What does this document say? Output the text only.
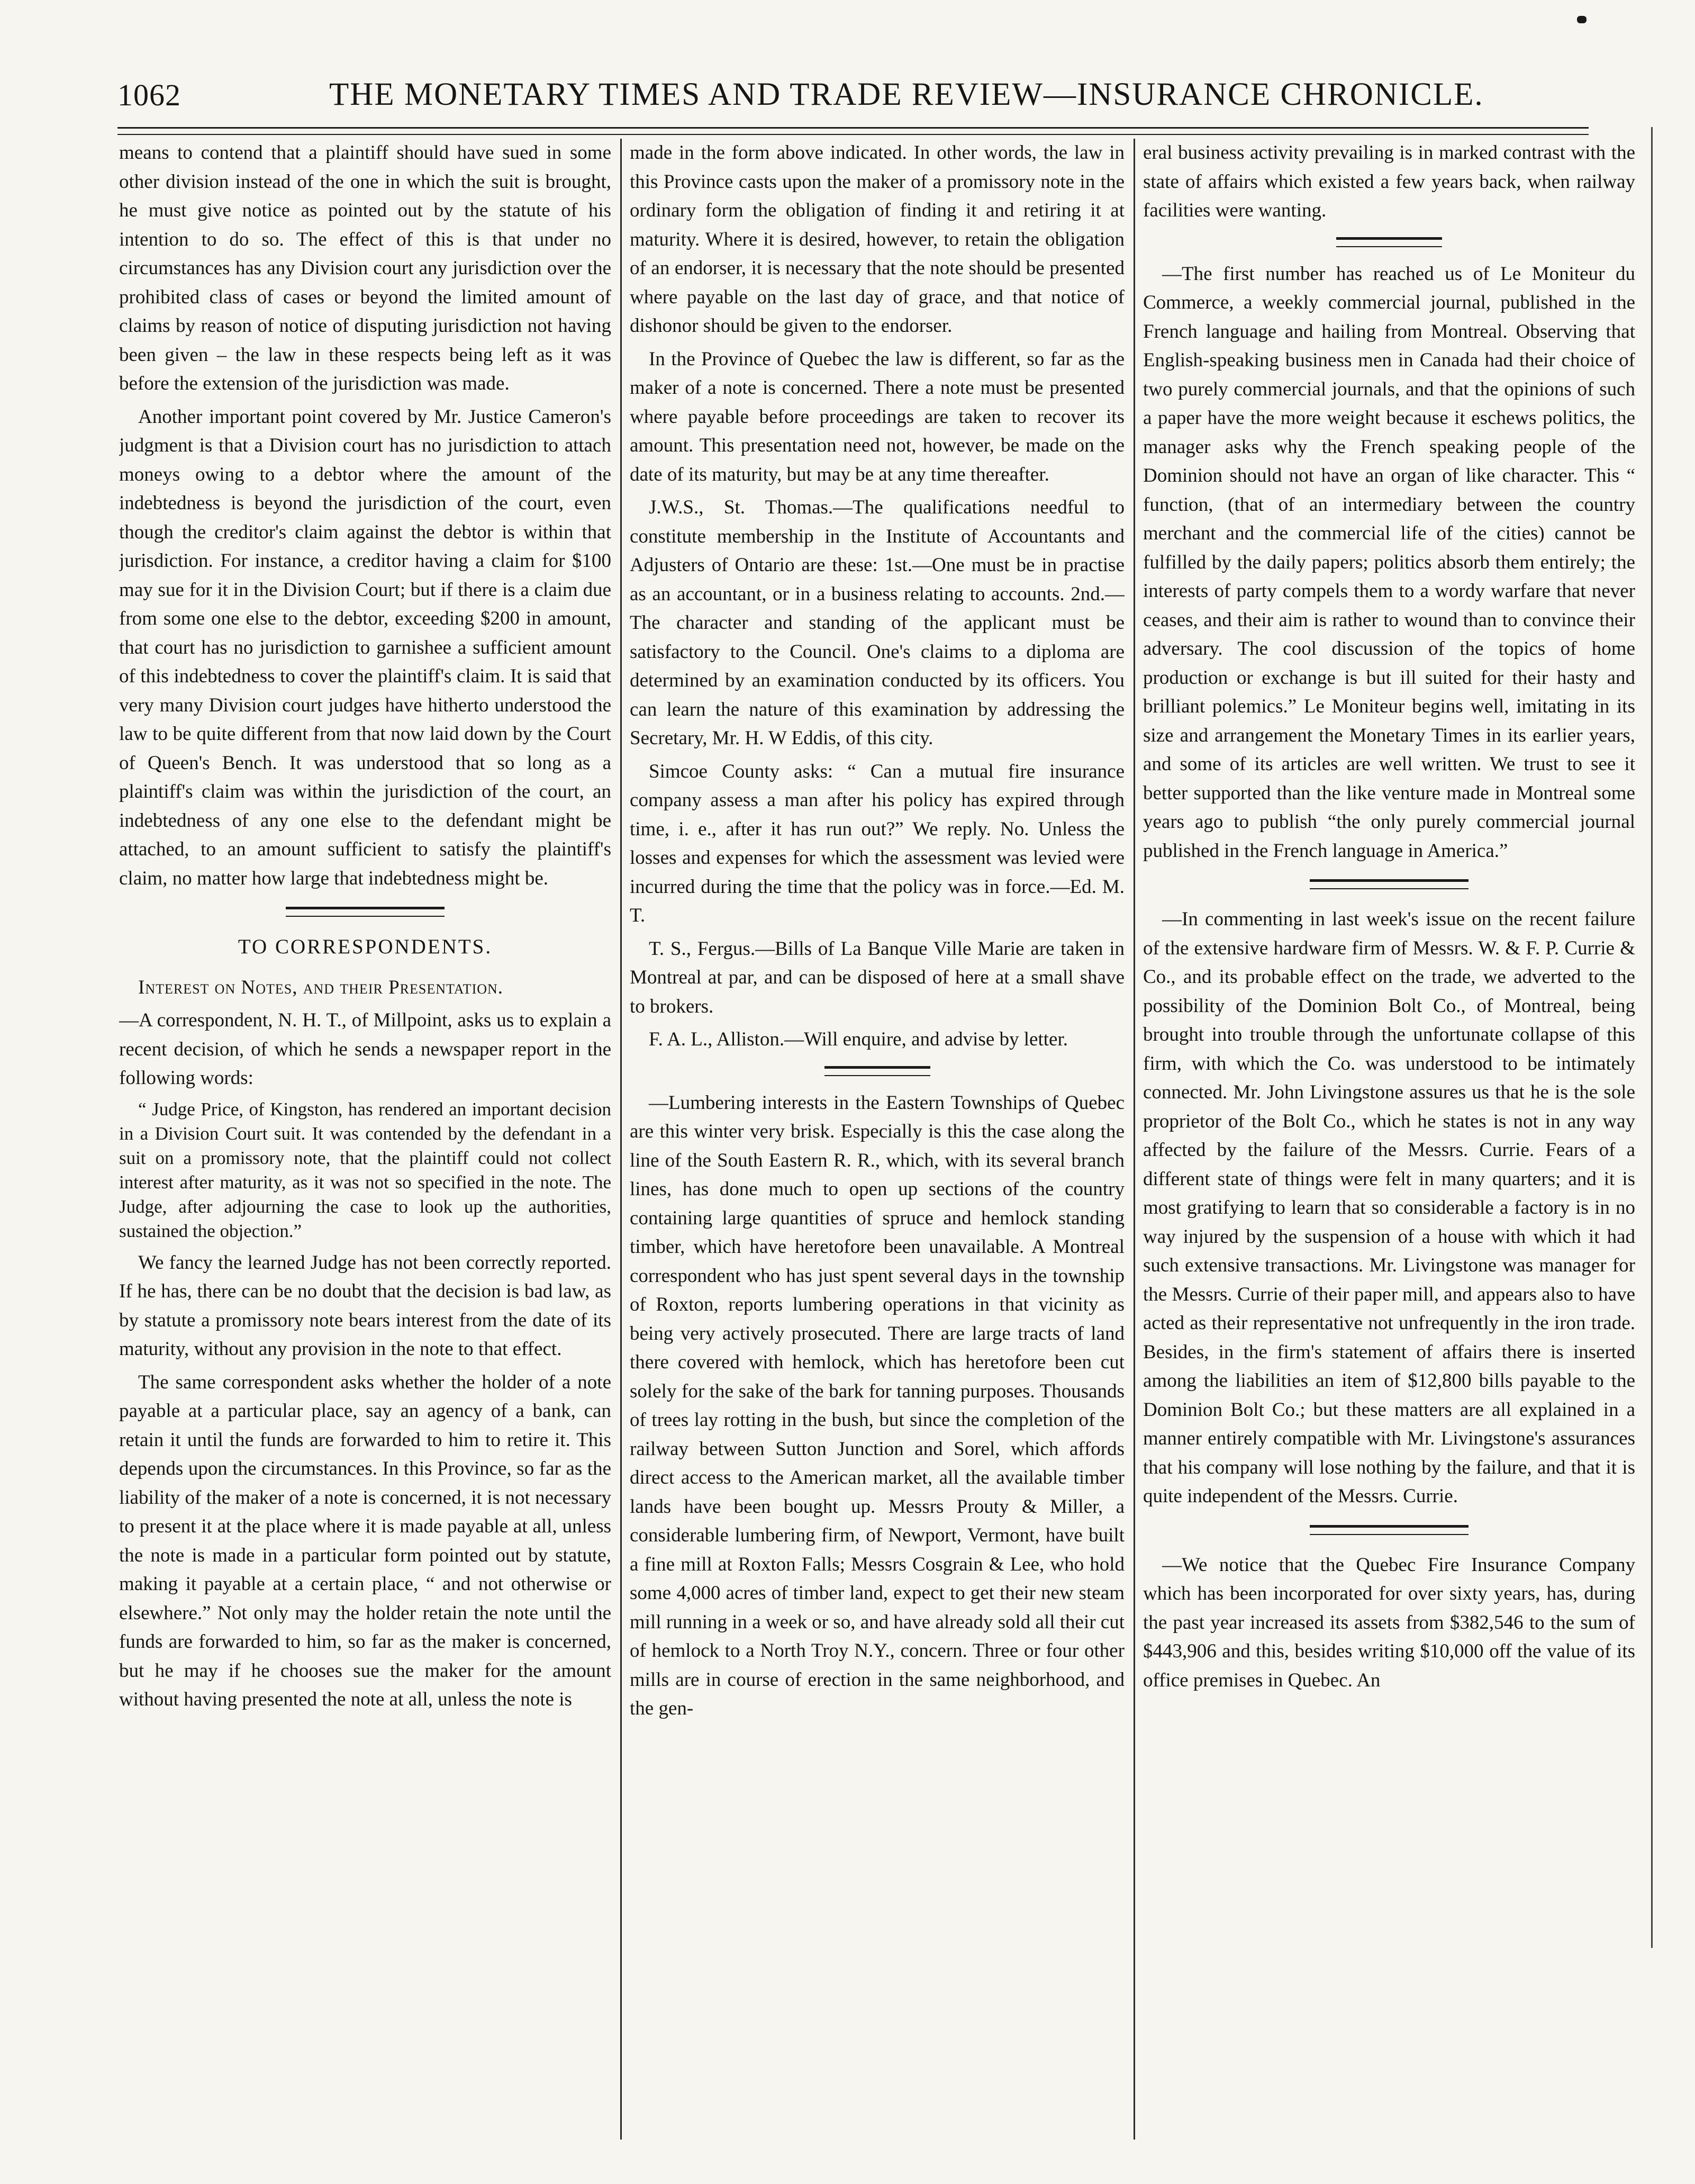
1062	THE MONETARY TIMES AND TRADE REVIEW—INSURANCE CHRONICLE.

means to contend that a plaintiff should have sued in some other division instead of the one in which the suit is brought, he must give notice as pointed out by the statute of his intention to do so. The effect of this is that under no circumstances has any Division court any jurisdiction over the prohibited class of cases or beyond the limited amount of claims by reason of notice of disputing jurisdiction not having been given – the law in these respects being left as it was before the extension of the jurisdiction was made.

Another important point covered by Mr. Justice Cameron's judgment is that a Division court has no jurisdiction to attach moneys owing to a debtor where the amount of the indebtedness is beyond the jurisdiction of the court, even though the creditor's claim against the debtor is within that jurisdiction. For instance, a creditor having a claim for $100 may sue for it in the Division Court; but if there is a claim due from some one else to the debtor, exceeding $200 in amount, that court has no jurisdiction to garnishee a sufficient amount of this indebtedness to cover the plaintiff's claim. It is said that very many Division court judges have hitherto understood the law to be quite different from that now laid down by the Court of Queen's Bench. It was understood that so long as a plaintiff's claim was within the jurisdiction of the court, an indebtedness of any one else to the defendant might be attached, to an amount sufficient to satisfy the plaintiff's claim, no matter how large that indebtedness might be.

TO CORRESPONDENTS.

Interest on Notes, and their Presentation.

—A correspondent, N. H. T., of Millpoint, asks us to explain a recent decision, of which he sends a newspaper report in the following words:

“ Judge Price, of Kingston, has rendered an important decision in a Division Court suit. It was contended by the defendant in a suit on a promissory note, that the plaintiff could not collect interest after maturity, as it was not so specified in the note. The Judge, after adjourning the case to look up the authorities, sustained the objection.”

We fancy the learned Judge has not been correctly reported. If he has, there can be no doubt that the decision is bad law, as by statute a promissory note bears interest from the date of its maturity, without any provision in the note to that effect.

The same correspondent asks whether the holder of a note payable at a particular place, say an agency of a bank, can retain it until the funds are forwarded to him to retire it. This depends upon the circumstances. In this Province, so far as the liability of the maker of a note is concerned, it is not necessary to present it at the place where it is made payable at all, unless the note is made in a particular form pointed out by statute, making it payable at a certain place, “ and not otherwise or elsewhere.” Not only may the holder retain the note until the funds are forwarded to him, so far as the maker is concerned, but he may if he chooses sue the maker for the amount without having presented the note at all, unless the note is

made in the form above indicated. In other words, the law in this Province casts upon the maker of a promissory note in the ordinary form the obligation of finding it and retiring it at maturity. Where it is desired, however, to retain the obligation of an endorser, it is necessary that the note should be presented where payable on the last day of grace, and that notice of dishonor should be given to the endorser.

In the Province of Quebec the law is different, so far as the maker of a note is concerned. There a note must be presented where payable before proceedings are taken to recover its amount. This presentation need not, however, be made on the date of its maturity, but may be at any time thereafter.

J.W.S., St. Thomas.—The qualifications needful to constitute membership in the Institute of Accountants and Adjusters of Ontario are these: 1st.—One must be in practise as an accountant, or in a business relating to accounts. 2nd.—The character and standing of the applicant must be satisfactory to the Council. One's claims to a diploma are determined by an examination conducted by its officers. You can learn the nature of this examination by addressing the Secretary, Mr. H. W Eddis, of this city.

Simcoe County asks: “ Can a mutual fire insurance company assess a man after his policy has expired through time, i. e., after it has run out?” We reply. No. Unless the losses and expenses for which the assessment was levied were incurred during the time that the policy was in force.—Ed. M. T.

T. S., Fergus.—Bills of La Banque Ville Marie are taken in Montreal at par, and can be disposed of here at a small shave to brokers.

F. A. L., Alliston.—Will enquire, and advise by letter.

—Lumbering interests in the Eastern Townships of Quebec are this winter very brisk. Especially is this the case along the line of the South Eastern R. R., which, with its several branch lines, has done much to open up sections of the country containing large quantities of spruce and hemlock standing timber, which have heretofore been unavailable. A Montreal correspondent who has just spent several days in the township of Roxton, reports lumbering operations in that vicinity as being very actively prosecuted. There are large tracts of land there covered with hemlock, which has heretofore been cut solely for the sake of the bark for tanning purposes. Thousands of trees lay rotting in the bush, but since the completion of the railway between Sutton Junction and Sorel, which affords direct access to the American market, all the available timber lands have been bought up. Messrs Prouty & Miller, a considerable lumbering firm, of Newport, Vermont, have built a fine mill at Roxton Falls; Messrs Cosgrain & Lee, who hold some 4,000 acres of timber land, expect to get their new steam mill running in a week or so, and have already sold all their cut of hemlock to a North Troy N.Y., concern. Three or four other mills are in course of erection in the same neighborhood, and the gen-

eral business activity prevailing is in marked contrast with the state of affairs which existed a few years back, when railway facilities were wanting.

—The first number has reached us of Le Moniteur du Commerce, a weekly commercial journal, published in the French language and hailing from Montreal. Observing that English-speaking business men in Canada had their choice of two purely commercial journals, and that the opinions of such a paper have the more weight because it eschews politics, the manager asks why the French speaking people of the Dominion should not have an organ of like character. This “ function, (that of an intermediary between the country merchant and the commercial life of the cities) cannot be fulfilled by the daily papers; politics absorb them entirely; the interests of party compels them to a wordy warfare that never ceases, and their aim is rather to wound than to convince their adversary. The cool discussion of the topics of home production or exchange is but ill suited for their hasty and brilliant polemics.” Le Moniteur begins well, imitating in its size and arrangement the Monetary Times in its earlier years, and some of its articles are well written. We trust to see it better supported than the like venture made in Montreal some years ago to publish “the only purely commercial journal published in the French language in America.”

—In commenting in last week's issue on the recent failure of the extensive hardware firm of Messrs. W. & F. P. Currie & Co., and its probable effect on the trade, we adverted to the possibility of the Dominion Bolt Co., of Montreal, being brought into trouble through the unfortunate collapse of this firm, with which the Co. was understood to be intimately connected. Mr. John Livingstone assures us that he is the sole proprietor of the Bolt Co., which he states is not in any way affected by the failure of the Messrs. Currie. Fears of a different state of things were felt in many quarters; and it is most gratifying to learn that so considerable a factory is in no way injured by the suspension of a house with which it had such extensive transactions. Mr. Livingstone was manager for the Messrs. Currie of their paper mill, and appears also to have acted as their representative not unfrequently in the iron trade. Besides, in the firm's statement of affairs there is inserted among the liabilities an item of $12,800 bills payable to the Dominion Bolt Co.; but these matters are all explained in a manner entirely compatible with Mr. Livingstone's assurances that his company will lose nothing by the failure, and that it is quite independent of the Messrs. Currie.

—We notice that the Quebec Fire Insurance Company which has been incorporated for over sixty years, has, during the past year increased its assets from $382,546 to the sum of $443,906 and this, besides writing $10,000 off the value of its office premises in Quebec. An
